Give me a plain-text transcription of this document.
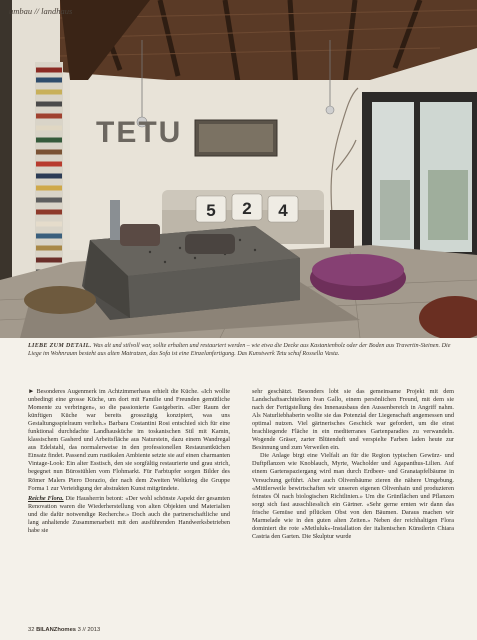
TETU
5 2 4
umbau // landhaus
LIEBE ZUM DETAIL. Was alt und stilvoll war, sollte erhalten und restauriert werden – wie etwa die Decke aus Kastanienholz oder der Boden aus Travertin-Steinen. Die Liege im Wohnraum besteht aus alten Matratzen, das Sofa ist eine Einzelanfertigung. Das Kunstwerk Tetu schuf Rossella Vasta.

► Besonderes Augenmerk im Achtzimmerhaus erhielt die Küche. «Ich wollte unbedingt eine grosse Küche, um dort mit Familie und Freunden gemütliche Momente zu verbringen», so die passionierte Gastgeberin. «Der Raum der künftigen Küche war bereits grosszügig konzipiert, was uns Gestaltungsspielraum verlieh.» Barbara Costantini Rosi entschied sich für eine funktional durchdachte Landhausküche im toskanischen Stil mit Kamin, klassischem Gasherd und Arbeitsfläche aus Naturstein, dazu einem Wandregal aus Edelstahl, das normalerweise in den professionellen Restaurantküchen Einsatz findet. Passend zum rustikalen Ambiente setzte sie auf einen charmanten Vintage-Look: Ein alter Esstisch, den sie sorgfältig restaurierte und grau strich, begegnet nun Bürostühlen vom Flohmarkt. Für Farbtupfer sorgen Bilder des Römer Malers Piero Dorazio, der nach dem Zweiten Weltkrieg die Gruppe Forma 1 zur Verteidigung der abstrakten Kunst mitgründete.

Reiche Flora. Die Hausherrin betont: «Der wohl schönste Aspekt der gesamten Renovation waren die Wiederherstellung von alten Objekten und Materialien und die dafür notwendige Recherche.» Doch auch die partnerschaftliche und lang anhaltende Zusammenarbeit mit den ausführenden Handwerksbetrieben habe sie

sehr geschätzt. Besonders lobt sie das gemeinsame Projekt mit dem Landschaftsarchitekten Ivan Gallo, einem persönlichen Freund, mit dem sie nach der Fertigstellung des Innenausbaus den Aussenbereich in Angriff nahm. Als Naturliebhaberin wollte sie das Potenzial der Liegenschaft angemessen und optimal nutzen. Viel gärtnerisches Geschick war gefordert, um die einst brachliegende Fläche in ein mediterranes Gartenparadies zu verwandeln. Wogende Gräser, zarter Blütenduft und verspielte Farben laden heute zur Besinnung und zum Verweilen ein.

Die Anlage birgt eine Vielfalt an für die Region typischen Gewürz- und Duftpflanzen wie Knoblauch, Myrte, Wacholder und Agapanthus-Lilien. Auf einem Gartenspaziergang wird man durch Erdbeer- und Granatapfelbäume in Versuchung geführt. Aber auch Olivenbäume zieren die nähere Umgebung. «Mittlerweile bewirtschaften wir unseren eigenen Olivenhain und produzieren feinstes Öl nach biologischen Richtlinien.» Um die Grünflächen und Pflanzen sorgt sich fast ausschliesslich ein Gärtner. «Sehr gerne ernten wir dann das frische Gemüse und pflücken Obst von den Bäumen. Daraus machen wir Marmelade wie in den guten alten Zeiten.» Neben der reichhaltigen Flora dominiert die rote «Metluluk»-Installation der italienischen Künstlerin Chiara Castria den Garten. Die Skulptur wurde

32 BILANZhomes 3 // 2013
